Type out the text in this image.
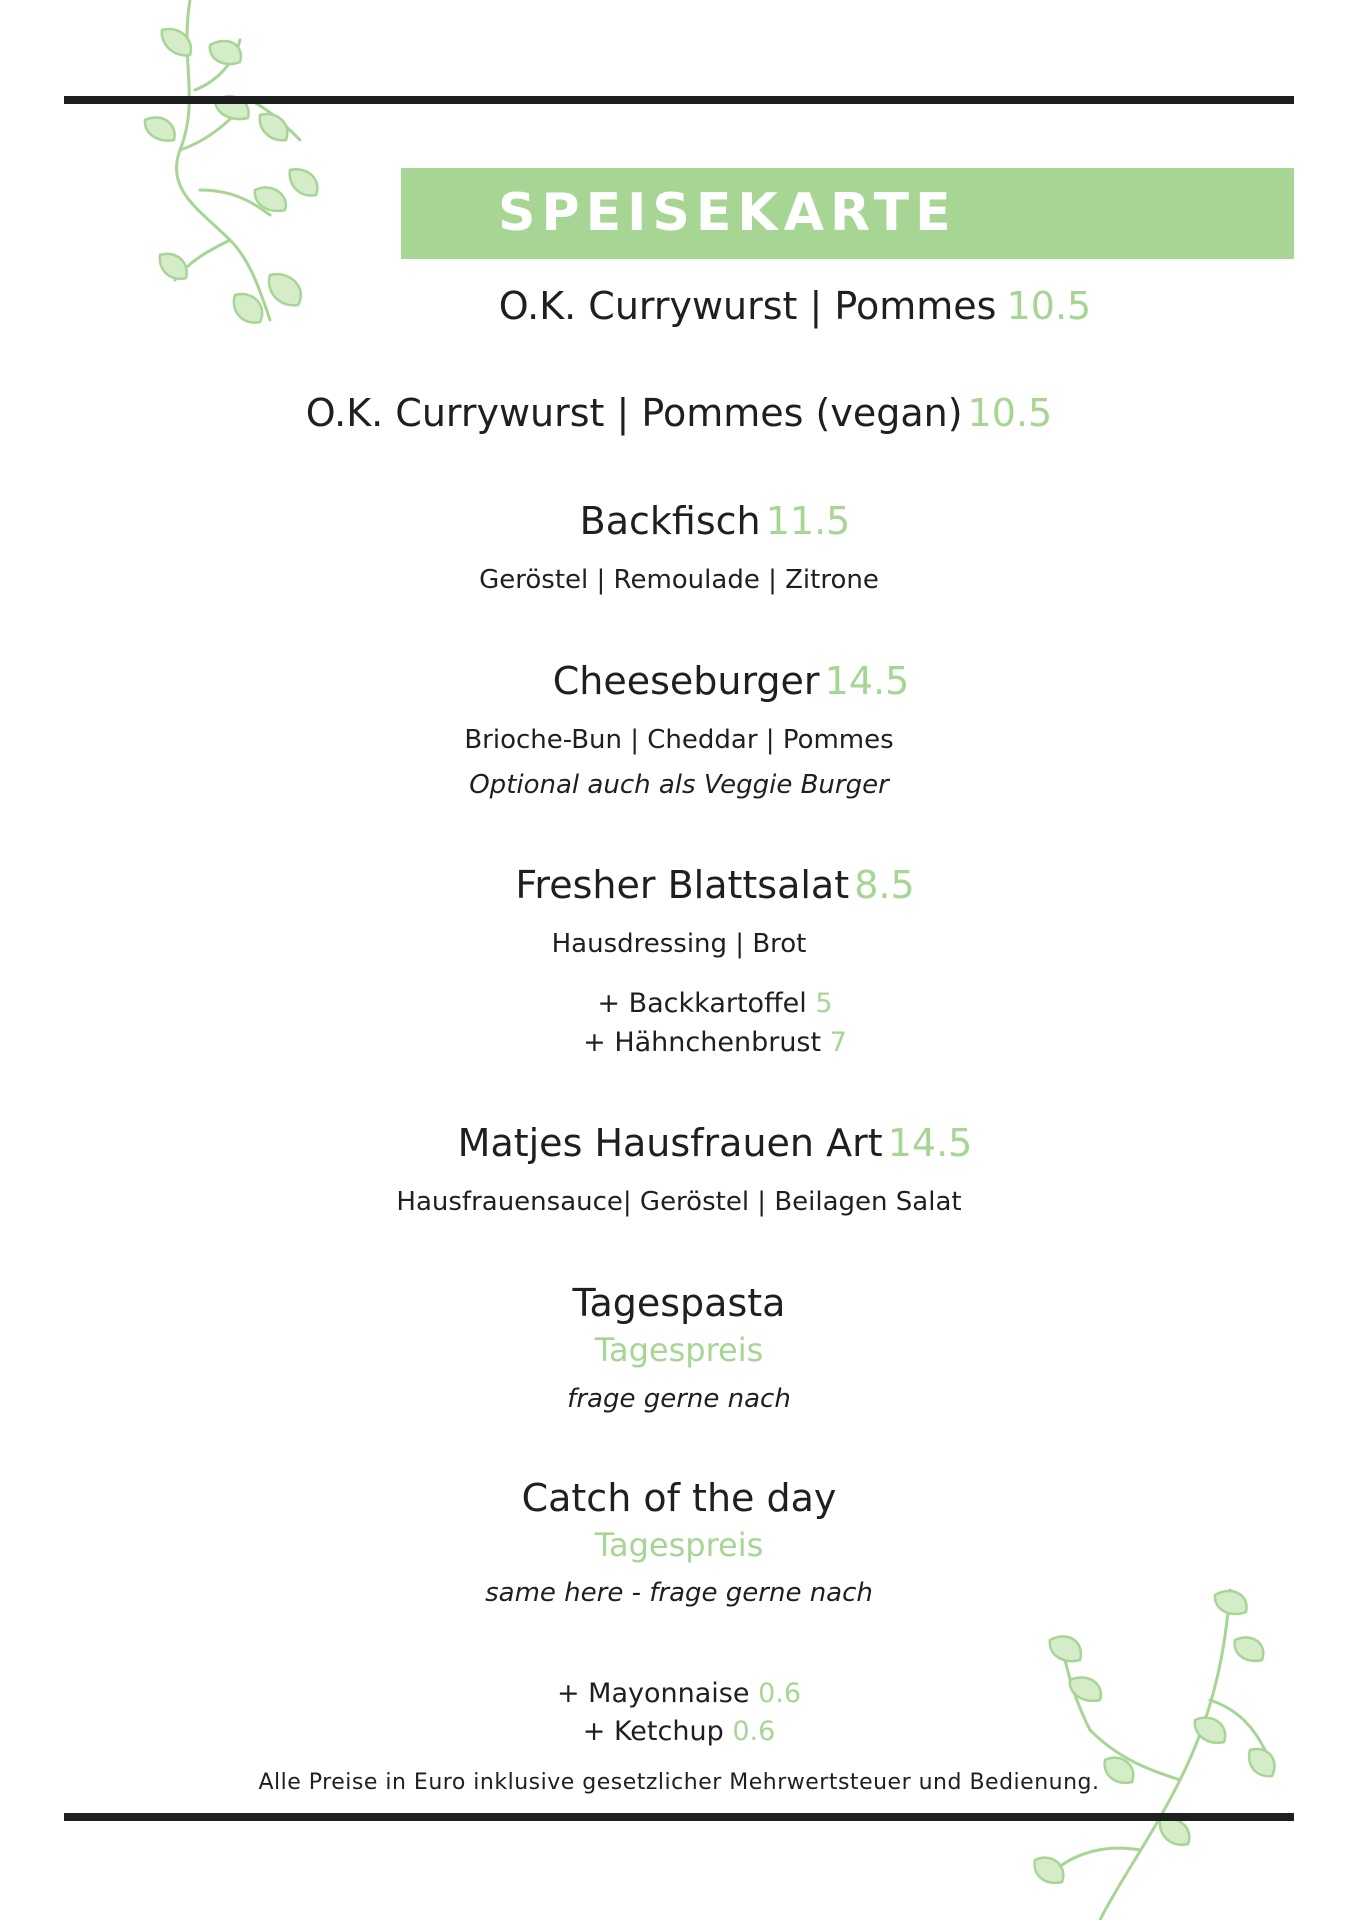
SPEISEKARTE
O.K. Currywurst | Pommes 10.5
O.K. Currywurst | Pommes (vegan) 10.5
Backfisch 11.5
Geröstel | Remoulade | Zitrone
Cheeseburger 14.5
Brioche-Bun | Cheddar | Pommes
Optional auch als Veggie Burger
Fresher Blattsalat 8.5
Hausdressing | Brot
+ Backkartoffel 5
+ Hähnchenbrust 7
Matjes Hausfrauen Art 14.5
Hausfrauensauce| Geröstel | Beilagen Salat
Tagespasta
Tagespreis
frage gerne nach
Catch of the day
Tagespreis
same here - frage gerne nach
+ Mayonnaise 0.6
+ Ketchup 0.6
Alle Preise in Euro inklusive gesetzlicher Mehrwertsteuer und Bedienung.
